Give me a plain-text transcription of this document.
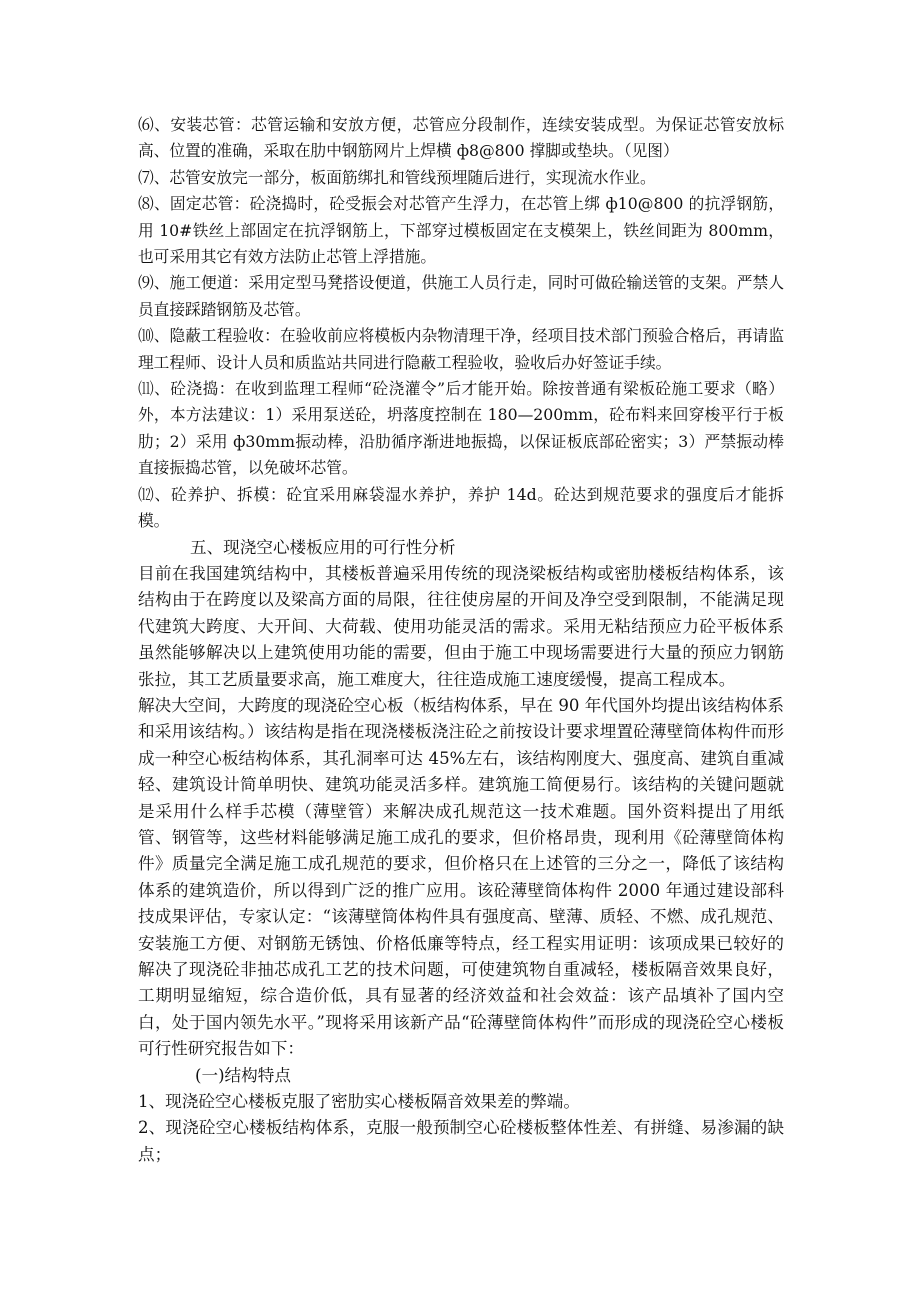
⑹、安装芯管：芯管运输和安放方便，芯管应分段制作，连续安装成型。为保证芯管安放标高、位置的准确，采取在肋中钢筋网片上焊横 ф8@800 撑脚或垫块。（见图）

⑺、芯管安放完一部分，板面筋绑扎和管线预埋随后进行，实现流水作业。

⑻、固定芯管：砼浇捣时，砼受振会对芯管产生浮力，在芯管上绑 ф10@800 的抗浮钢筋，用 10#铁丝上部固定在抗浮钢筋上，下部穿过模板固定在支模架上，铁丝间距为 800mm，也可采用其它有效方法防止芯管上浮措施。

⑼、施工便道：采用定型马凳搭设便道，供施工人员行走，同时可做砼输送管的支架。严禁人员直接踩踏钢筋及芯管。

⑽、隐蔽工程验收：在验收前应将模板内杂物清理干净，经项目技术部门预验合格后，再请监理工程师、设计人员和质监站共同进行隐蔽工程验收，验收后办好签证手续。

⑾、砼浇捣：在收到监理工程师“砼浇灌令”后才能开始。除按普通有梁板砼施工要求（略）外，本方法建议：1）采用泵送砼，坍落度控制在 180—200mm，砼布料来回穿梭平行于板肋；2）采用 ф30mm振动棒，沿肋循序渐进地振捣，以保证板底部砼密实；3）严禁振动棒直接振捣芯管，以免破坏芯管。

⑿、砼养护、拆模：砼宜采用麻袋湿水养护，养护 14d。砼达到规范要求的强度后才能拆模。

五、现浇空心楼板应用的可行性分析

目前在我国建筑结构中，其楼板普遍采用传统的现浇梁板结构或密肋楼板结构体系，该结构由于在跨度以及梁高方面的局限，往往使房屋的开间及净空受到限制，不能满足现代建筑大跨度、大开间、大荷载、使用功能灵活的需求。采用无粘结预应力砼平板体系虽然能够解决以上建筑使用功能的需要，但由于施工中现场需要进行大量的预应力钢筋张拉，其工艺质量要求高，施工难度大，往往造成施工速度缓慢，提高工程成本。

解决大空间，大跨度的现浇砼空心板（板结构体系，早在 90 年代国外均提出该结构体系和采用该结构。）该结构是指在现浇楼板浇注砼之前按设计要求埋置砼薄壁筒体构件而形成一种空心板结构体系，其孔洞率可达 45%左右，该结构刚度大、强度高、建筑自重减轻、建筑设计简单明快、建筑功能灵活多样。建筑施工简便易行。该结构的关键问题就是采用什么样手芯模（薄壁管）来解决成孔规范这一技术难题。国外资料提出了用纸管、钢管等，这些材料能够满足施工成孔的要求，但价格昂贵，现利用《砼薄壁筒体构件》质量完全满足施工成孔规范的要求，但价格只在上述管的三分之一，降低了该结构体系的建筑造价，所以得到广泛的推广应用。该砼薄壁筒体构件 2000 年通过建设部科技成果评估，专家认定：“该薄壁筒体构件具有强度高、壁薄、质轻、不燃、成孔规范、安装施工方便、对钢筋无锈蚀、价格低廉等特点，经工程实用证明：该项成果已较好的解决了现浇砼非抽芯成孔工艺的技术问题，可使建筑物自重减轻，楼板隔音效果良好，工期明显缩短，综合造价低，具有显著的经济效益和社会效益：该产品填补了国内空白，处于国内领先水平。”现将采用该新产品“砼薄壁筒体构件”而形成的现浇砼空心楼板可行性研究报告如下：

(一)结构特点

1、现浇砼空心楼板克服了密肋实心楼板隔音效果差的弊端。

2、现浇砼空心楼板结构体系，克服一般预制空心砼楼板整体性差、有拼缝、易渗漏的缺点；
